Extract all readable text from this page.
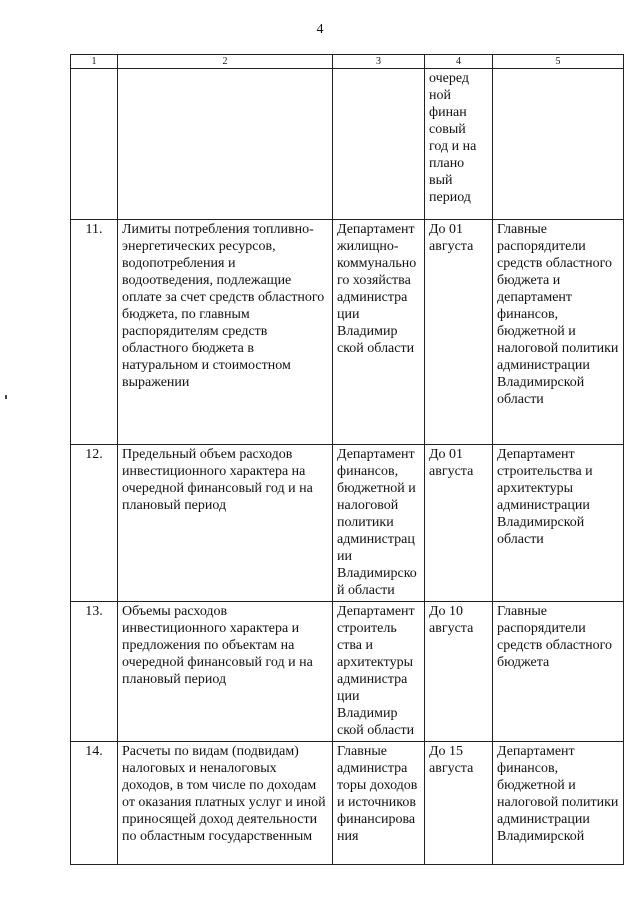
4
1	2	3	4	5
			очеред ной финан совый год и на плано вый период	
11.	Лимиты потребления топливно-энергетических ресурсов, водопотребления и водоотведения, подлежащие оплате за счет средств областного бюджета, по главным распорядителям средств областного бюджета в натуральном и стоимостном выражении	Департамент жилищно-коммунально го хозяйства администра ции Владимир ской области	До 01 августа	Главные распорядители средств областного бюджета и департамент финансов, бюджетной и налоговой политики администрации Владимирской области
12.	Предельный объем расходов инвестиционного характера на очередной финансовый год и на плановый период	Департамент финансов, бюджетной и налоговой политики администрац ии Владимирско й области	До 01 августа	Департамент строительства и архитектуры администрации Владимирской области
13.	Объемы расходов инвестиционного характера и предложения по объектам на очередной финансовый год и на плановый период	Департамент строитель ства и архитектуры администра ции Владимир ской области	До 10 августа	Главные распорядители средств областного бюджета
14.	Расчеты по видам (подвидам) налоговых и неналоговых доходов, в том числе по доходам от оказания платных услуг и иной приносящей доход деятельности по областным государственным	Главные администра торы доходов и источников финансирова ния	До 15 августа	Департамент финансов, бюджетной и налоговой политики администрации Владимирской
